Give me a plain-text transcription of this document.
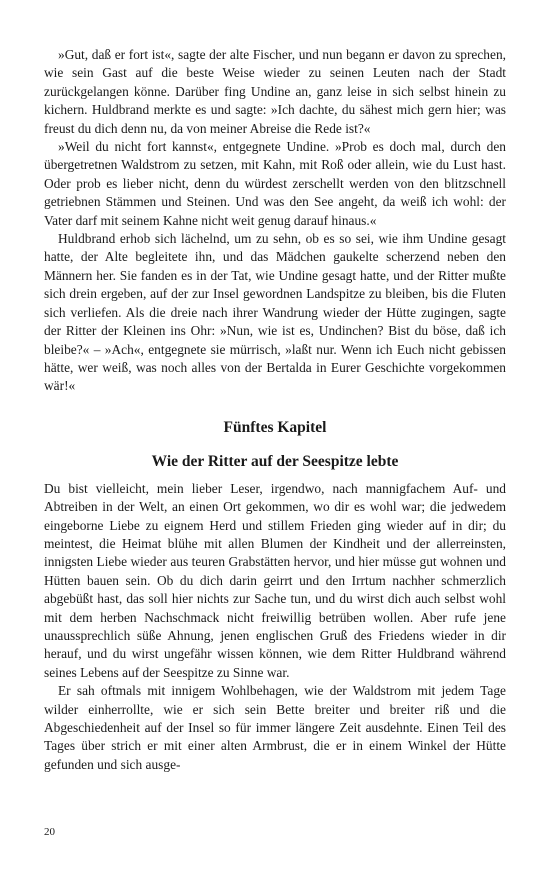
»Gut, daß er fort ist«, sagte der alte Fischer, und nun begann er davon zu sprechen, wie sein Gast auf die beste Weise wieder zu seinen Leuten nach der Stadt zurückgelangen könne. Darüber fing Undine an, ganz leise in sich selbst hinein zu kichern. Huldbrand merkte es und sagte: »Ich dachte, du sähest mich gern hier; was freust du dich denn nu, da von meiner Abreise die Rede ist?«

»Weil du nicht fort kannst«, entgegnete Undine. »Prob es doch mal, durch den übergetretnen Waldstrom zu setzen, mit Kahn, mit Roß oder allein, wie du Lust hast. Oder prob es lieber nicht, denn du würdest zerschellt werden von den blitzschnell getriebnen Stämmen und Steinen. Und was den See angeht, da weiß ich wohl: der Vater darf mit seinem Kahne nicht weit genug darauf hinaus.«

Huldbrand erhob sich lächelnd, um zu sehn, ob es so sei, wie ihm Undine gesagt hatte, der Alte begleitete ihn, und das Mädchen gaukelte scherzend neben den Männern her. Sie fanden es in der Tat, wie Undine gesagt hatte, und der Ritter mußte sich drein ergeben, auf der zur Insel gewordnen Landspitze zu bleiben, bis die Fluten sich verliefen. Als die dreie nach ihrer Wandrung wieder der Hütte zugingen, sagte der Ritter der Kleinen ins Ohr: »Nun, wie ist es, Undinchen? Bist du böse, daß ich bleibe?« – »Ach«, entgegnete sie mürrisch, »laßt nur. Wenn ich Euch nicht gebissen hätte, wer weiß, was noch alles von der Bertalda in Eurer Geschichte vorgekommen wär!«

Fünftes Kapitel
Wie der Ritter auf der Seespitze lebte

Du bist vielleicht, mein lieber Leser, irgendwo, nach mannigfachem Auf- und Abtreiben in der Welt, an einen Ort gekommen, wo dir es wohl war; die jedwedem eingeborne Liebe zu eignem Herd und stillem Frieden ging wieder auf in dir; du meintest, die Heimat blühe mit allen Blumen der Kindheit und der allerreinsten, innigsten Liebe wieder aus teuren Grabstätten hervor, und hier müsse gut wohnen und Hütten bauen sein. Ob du dich darin geirrt und den Irrtum nachher schmerzlich abgebüßt hast, das soll hier nichts zur Sache tun, und du wirst dich auch selbst wohl mit dem herben Nachschmack nicht freiwillig betrüben wollen. Aber rufe jene unaussprechlich süße Ahnung, jenen englischen Gruß des Friedens wieder in dir herauf, und du wirst ungefähr wissen können, wie dem Ritter Huldbrand während seines Lebens auf der Seespitze zu Sinne war.

Er sah oftmals mit innigem Wohlbehagen, wie der Waldstrom mit jedem Tage wilder einherrollte, wie er sich sein Bette breiter und breiter riß und die Abgeschiedenheit auf der Insel so für immer längere Zeit ausdehnte. Einen Teil des Tages über strich er mit einer alten Armbrust, die er in einem Winkel der Hütte gefunden und sich ausge-

20
